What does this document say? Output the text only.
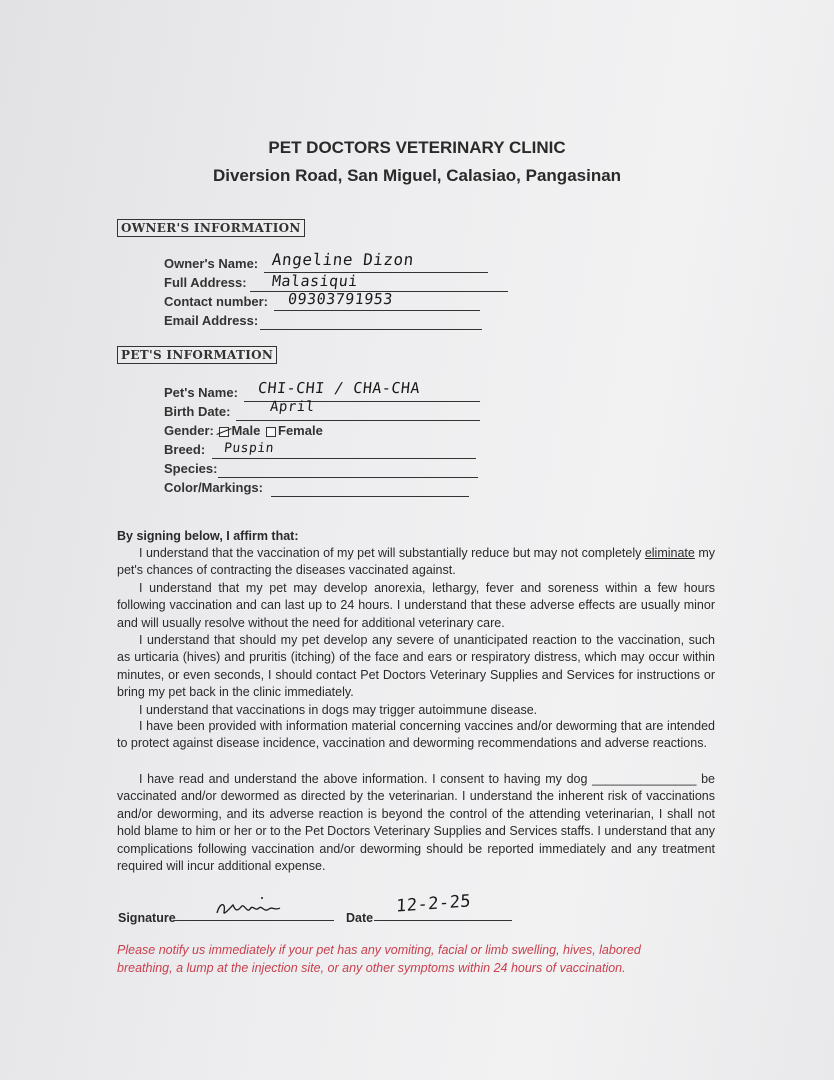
PET DOCTORS VETERINARY CLINIC
Diversion Road, San Miguel, Calasiao, Pangasinan
OWNER'S INFORMATION
Owner's Name: Angeline Dizon
Full Address: Malasiqui
Contact number: 09303791953
Email Address:
PET'S INFORMATION
Pet's Name: CHI-CHI / CHA-CHA
Birth Date:	April
Gender: Male Female
Breed: Puspin
Species:
Color/Markings:
By signing below, I affirm that:
I understand that the vaccination of my pet will substantially reduce but may not completely eliminate my pet's chances of contracting the diseases vaccinated against.
I understand that my pet may develop anorexia, lethargy, fever and soreness within a few hours following vaccination and can last up to 24 hours. I understand that these adverse effects are usually minor and will usually resolve without the need for additional veterinary care.
I understand that should my pet develop any severe of unanticipated reaction to the vaccination, such as urticaria (hives) and pruritis (itching) of the face and ears or respiratory distress, which may occur within minutes, or even seconds, I should contact Pet Doctors Veterinary Supplies and Services for instructions or bring my pet back in the clinic immediately.
I understand that vaccinations in dogs may trigger autoimmune disease.
I have been provided with information material concerning vaccines and/or deworming that are intended to protect against disease incidence, vaccination and deworming recommendations and adverse reactions.
I have read and understand the above information. I consent to having my dog _______________ be vaccinated and/or dewormed as directed by the veterinarian. I understand the inherent risk of vaccinations and/or deworming, and its adverse reaction is beyond the control of the attending veterinarian, I shall not hold blame to him or her or to the Pet Doctors Veterinary Supplies and Services staffs. I understand that any complications following vaccination and/or deworming should be reported immediately and any treatment required will incur additional expense.
Signature	Date
12-2-25
Please notify us immediately if your pet has any vomiting, facial or limb swelling, hives, labored breathing, a lump at the injection site, or any other symptoms within 24 hours of vaccination.
